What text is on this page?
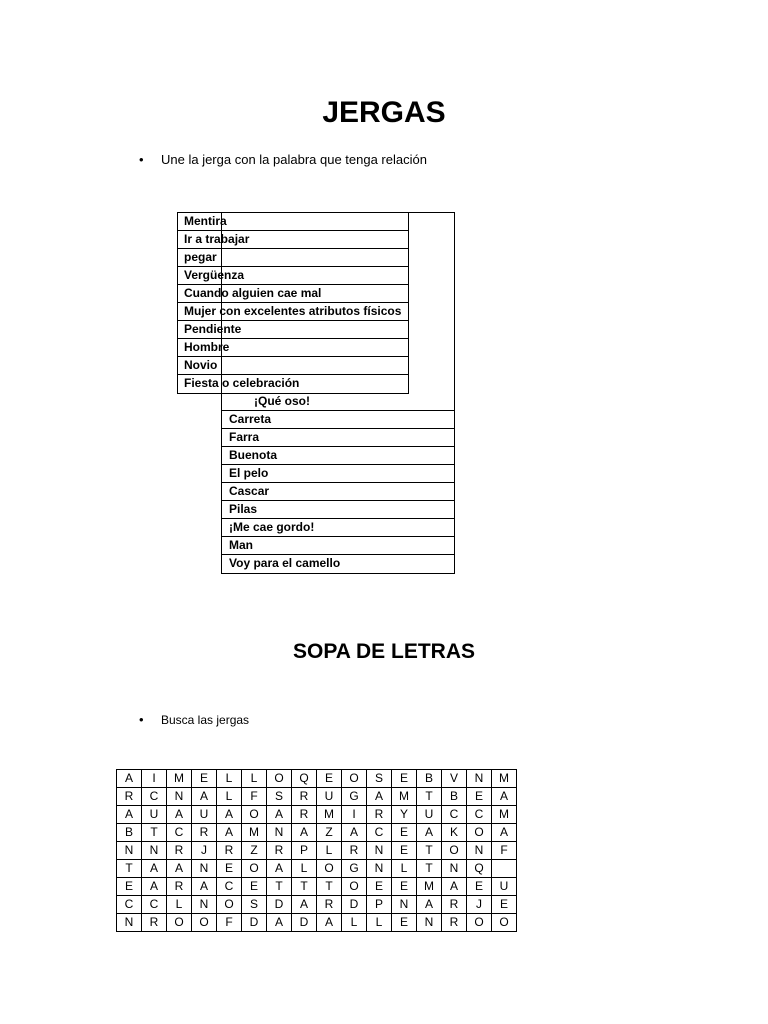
JERGAS
• Une la jerga con la palabra que tenga relación
¡Qué oso!
Carreta
Farra
Buenota
El pelo
Cascar
Pilas
¡Me cae gordo!
Man
Voy para el camello
Mentira
Ir a trabajar
pegar
Vergüenza
Cuando alguien cae mal
Mujer con excelentes atributos físicos
Pendiente
Hombre
Novio
Fiesta o celebración
SOPA DE LETRAS
• Busca las jergas
A	I	M	E	L	L	O	Q	E	O	S	E	B	V	N	M
R	C	N	A	L	F	S	R	U	G	A	M	T	B	E	A
A	U	A	U	A	O	A	R	M	I	R	Y	U	C	C	M
B	T	C	R	A	M	N	A	Z	A	C	E	A	K	O	A
N	N	R	J	R	Z	R	P	L	R	N	E	T	O	N	F
T	A	A	N	E	O	A	L	O	G	N	L	T	N	Q	
E	A	R	A	C	E	T	T	T	O	E	E	M	A	E	U
C	C	L	N	O	S	D	A	R	D	P	N	A	R	J	E
N	R	O	O	F	D	A	D	A	L	L	E	N	R	O	O
